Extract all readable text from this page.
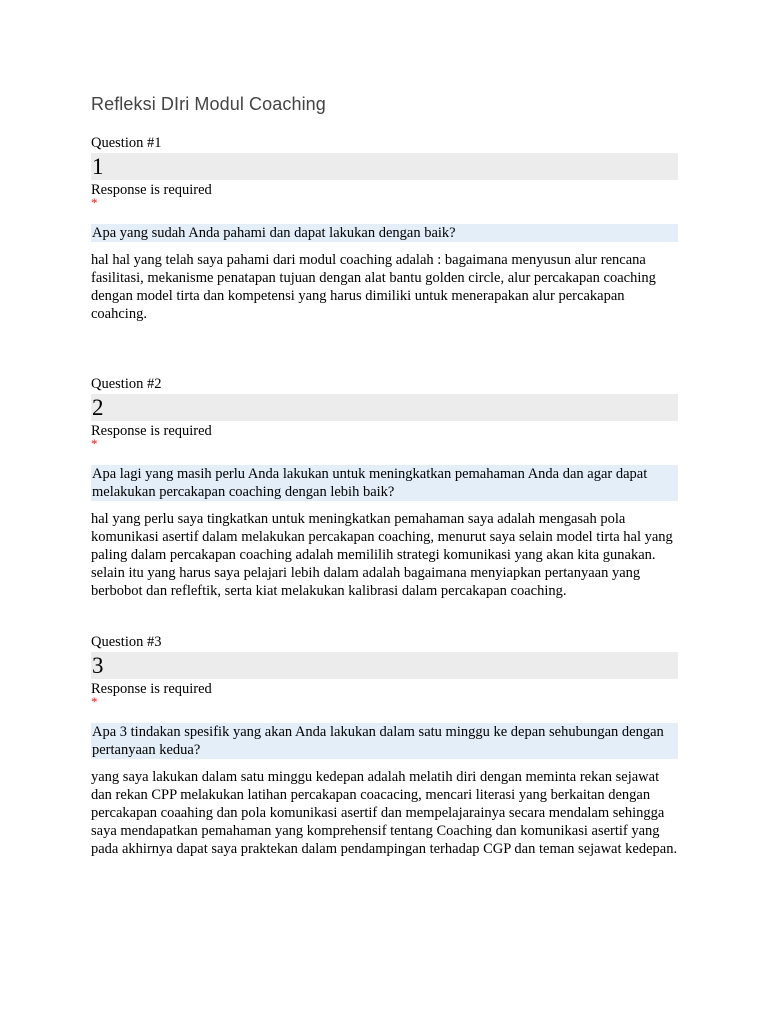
Refleksi DIri Modul Coaching
Question #1
1
Response is required
*
Apa yang sudah Anda pahami dan dapat lakukan dengan baik?
hal hal yang telah saya pahami dari modul coaching adalah : bagaimana menyusun alur rencana fasilitasi, mekanisme penatapan tujuan dengan alat bantu golden circle, alur percakapan coaching dengan model tirta dan kompetensi yang harus dimiliki untuk menerapakan alur percakapan coahcing.
Question #2
2
Response is required
*
Apa lagi yang masih perlu Anda lakukan untuk meningkatkan pemahaman Anda dan agar dapat melakukan percakapan coaching dengan lebih baik?
hal yang perlu saya tingkatkan untuk meningkatkan pemahaman saya adalah mengasah pola komunikasi asertif dalam melakukan percakapan coaching, menurut saya selain model tirta hal yang paling dalam percakapan coaching adalah memililih strategi komunikasi yang akan kita gunakan. selain itu yang harus saya pelajari lebih dalam adalah bagaimana menyiapkan pertanyaan yang berbobot dan refleftik, serta kiat melakukan kalibrasi dalam percakapan coaching.
Question #3
3
Response is required
*
Apa 3 tindakan spesifik yang akan Anda lakukan dalam satu minggu ke depan sehubungan dengan pertanyaan kedua?
yang saya lakukan dalam satu minggu kedepan adalah melatih diri dengan meminta rekan sejawat dan rekan CPP melakukan latihan percakapan coacacing, mencari literasi yang berkaitan dengan percakapan coaahing dan pola komunikasi asertif dan mempelajarainya secara mendalam sehingga saya mendapatkan pemahaman yang komprehensif tentang Coaching dan komunikasi asertif yang pada akhirnya dapat saya praktekan dalam pendampingan terhadap CGP dan teman sejawat kedepan.
